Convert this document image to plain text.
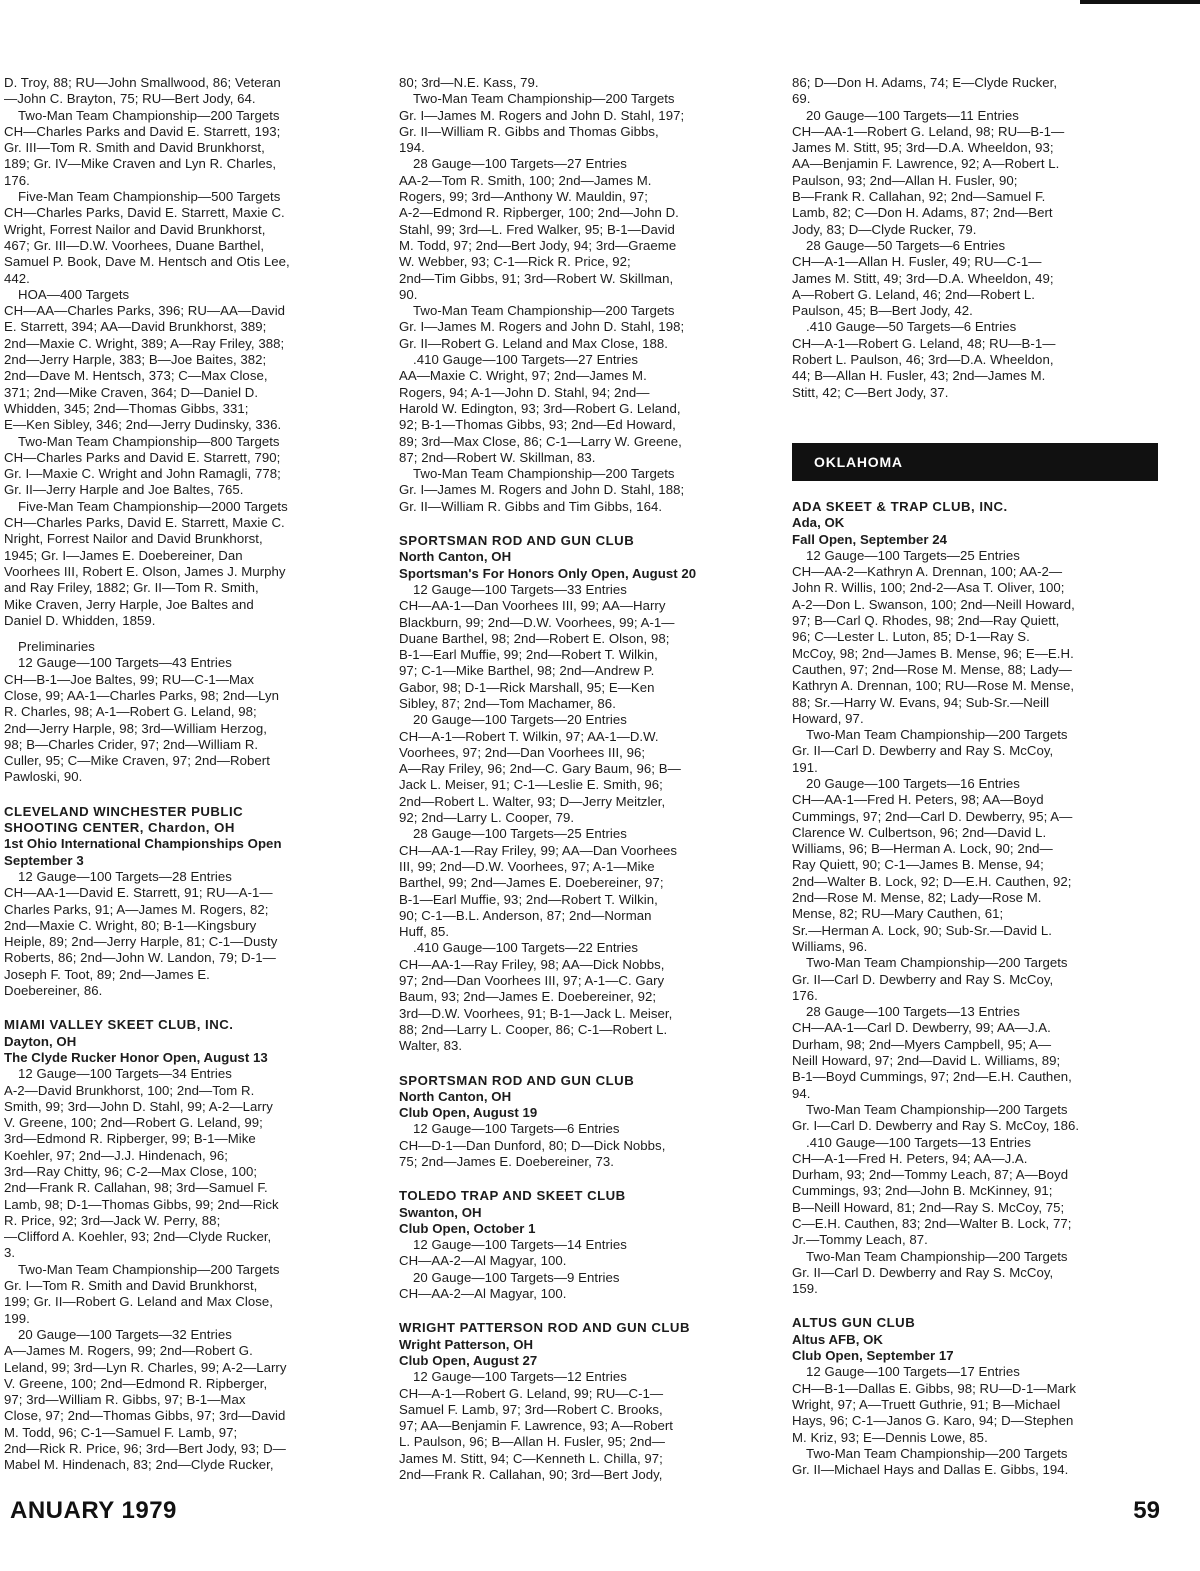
D. Troy, 88; RU—John Smallwood, 86; Veteran
—John C. Brayton, 75; RU—Bert Jody, 64.
Two-Man Team Championship—200 Targets
CH—Charles Parks and David E. Starrett, 193;
Gr. III—Tom R. Smith and David Brunkhorst,
189; Gr. IV—Mike Craven and Lyn R. Charles,
176.
Five-Man Team Championship—500 Targets
CH—Charles Parks, David E. Starrett, Maxie C.
Wright, Forrest Nailor and David Brunkhorst,
467; Gr. III—D.W. Voorhees, Duane Barthel,
Samuel P. Book, Dave M. Hentsch and Otis Lee,
442.
HOA—400 Targets
CH—AA—Charles Parks, 396; RU—AA—David
E. Starrett, 394; AA—David Brunkhorst, 389;
2nd—Maxie C. Wright, 389; A—Ray Friley, 388;
2nd—Jerry Harple, 383; B—Joe Baites, 382;
2nd—Dave M. Hentsch, 373; C—Max Close,
371; 2nd—Mike Craven, 364; D—Daniel D.
Whidden, 345; 2nd—Thomas Gibbs, 331;
E—Ken Sibley, 346; 2nd—Jerry Dudinsky, 336.
Two-Man Team Championship—800 Targets
CH—Charles Parks and David E. Starrett, 790;
Gr. I—Maxie C. Wright and John Ramagli, 778;
Gr. II—Jerry Harple and Joe Baltes, 765.
Five-Man Team Championship—2000 Targets
CH—Charles Parks, David E. Starrett, Maxie C.
Nright, Forrest Nailor and David Brunkhorst,
1945; Gr. I—James E. Doebereiner, Dan
Voorhees III, Robert E. Olson, James J. Murphy
and Ray Friley, 1882; Gr. II—Tom R. Smith,
Mike Craven, Jerry Harple, Joe Baltes and
Daniel D. Whidden, 1859.
Preliminaries
12 Gauge—100 Targets—43 Entries
CH—B-1—Joe Baltes, 99; RU—C-1—Max
Close, 99; AA-1—Charles Parks, 98; 2nd—Lyn
R. Charles, 98; A-1—Robert G. Leland, 98;
2nd—Jerry Harple, 98; 3rd—William Herzog,
98; B—Charles Crider, 97; 2nd—William R.
Culler, 95; C—Mike Craven, 97; 2nd—Robert
Pawloski, 90.
CLEVELAND WINCHESTER PUBLIC
SHOOTING CENTER, Chardon, OH
1st Ohio International Championships Open
September 3
12 Gauge—100 Targets—28 Entries
CH—AA-1—David E. Starrett, 91; RU—A-1—
Charles Parks, 91; A—James M. Rogers, 82;
2nd—Maxie C. Wright, 80; B-1—Kingsbury
Heiple, 89; 2nd—Jerry Harple, 81; C-1—Dusty
Roberts, 86; 2nd—John W. Landon, 79; D-1—
Joseph F. Toot, 89; 2nd—James E.
Doebereiner, 86.
MIAMI VALLEY SKEET CLUB, INC.
Dayton, OH
The Clyde Rucker Honor Open, August 13
12 Gauge—100 Targets—34 Entries
A-2—David Brunkhorst, 100; 2nd—Tom R.
Smith, 99; 3rd—John D. Stahl, 99; A-2—Larry
V. Greene, 100; 2nd—Robert G. Leland, 99;
3rd—Edmond R. Ripberger, 99; B-1—Mike
Koehler, 97; 2nd—J.J. Hindenach, 96;
3rd—Ray Chitty, 96; C-2—Max Close, 100;
2nd—Frank R. Callahan, 98; 3rd—Samuel F.
Lamb, 98; D-1—Thomas Gibbs, 99; 2nd—Rick
R. Price, 92; 3rd—Jack W. Perry, 88;
—Clifford A. Koehler, 93; 2nd—Clyde Rucker,
3.
Two-Man Team Championship—200 Targets
Gr. I—Tom R. Smith and David Brunkhorst,
199; Gr. II—Robert G. Leland and Max Close,
199.
20 Gauge—100 Targets—32 Entries
A—James M. Rogers, 99; 2nd—Robert G.
Leland, 99; 3rd—Lyn R. Charles, 99; A-2—Larry
V. Greene, 100; 2nd—Edmond R. Ripberger,
97; 3rd—William R. Gibbs, 97; B-1—Max
Close, 97; 2nd—Thomas Gibbs, 97; 3rd—David
M. Todd, 96; C-1—Samuel F. Lamb, 97;
2nd—Rick R. Price, 96; 3rd—Bert Jody, 93; D—
Mabel M. Hindenach, 83; 2nd—Clyde Rucker,
80; 3rd—N.E. Kass, 79.
Two-Man Team Championship—200 Targets
Gr. I—James M. Rogers and John D. Stahl, 197;
Gr. II—William R. Gibbs and Thomas Gibbs,
194.
28 Gauge—100 Targets—27 Entries
AA-2—Tom R. Smith, 100; 2nd—James M.
Rogers, 99; 3rd—Anthony W. Mauldin, 97;
A-2—Edmond R. Ripberger, 100; 2nd—John D.
Stahl, 99; 3rd—L. Fred Walker, 95; B-1—David
M. Todd, 97; 2nd—Bert Jody, 94; 3rd—Graeme
W. Webber, 93; C-1—Rick R. Price, 92;
2nd—Tim Gibbs, 91; 3rd—Robert W. Skillman,
90.
Two-Man Team Championship—200 Targets
Gr. I—James M. Rogers and John D. Stahl, 198;
Gr. II—Robert G. Leland and Max Close, 188.
.410 Gauge—100 Targets—27 Entries
AA—Maxie C. Wright, 97; 2nd—James M.
Rogers, 94; A-1—John D. Stahl, 94; 2nd—
Harold W. Edington, 93; 3rd—Robert G. Leland,
92; B-1—Thomas Gibbs, 93; 2nd—Ed Howard,
89; 3rd—Max Close, 86; C-1—Larry W. Greene,
87; 2nd—Robert W. Skillman, 83.
Two-Man Team Championship—200 Targets
Gr. I—James M. Rogers and John D. Stahl, 188;
Gr. II—William R. Gibbs and Tim Gibbs, 164.
SPORTSMAN ROD AND GUN CLUB
North Canton, OH
Sportsman's For Honors Only Open, August 20
12 Gauge—100 Targets—33 Entries
CH—AA-1—Dan Voorhees III, 99; AA—Harry
Blackburn, 99; 2nd—D.W. Voorhees, 99; A-1—
Duane Barthel, 98; 2nd—Robert E. Olson, 98;
B-1—Earl Muffie, 99; 2nd—Robert T. Wilkin,
97; C-1—Mike Barthel, 98; 2nd—Andrew P.
Gabor, 98; D-1—Rick Marshall, 95; E—Ken
Sibley, 87; 2nd—Tom Machamer, 86.
20 Gauge—100 Targets—20 Entries
CH—A-1—Robert T. Wilkin, 97; AA-1—D.W.
Voorhees, 97; 2nd—Dan Voorhees III, 96;
A—Ray Friley, 96; 2nd—C. Gary Baum, 96; B—
Jack L. Meiser, 91; C-1—Leslie E. Smith, 96;
2nd—Robert L. Walter, 93; D—Jerry Meitzler,
92; 2nd—Larry L. Cooper, 79.
28 Gauge—100 Targets—25 Entries
CH—AA-1—Ray Friley, 99; AA—Dan Voorhees
III, 99; 2nd—D.W. Voorhees, 97; A-1—Mike
Barthel, 99; 2nd—James E. Doebereiner, 97;
B-1—Earl Muffie, 93; 2nd—Robert T. Wilkin,
90; C-1—B.L. Anderson, 87; 2nd—Norman
Huff, 85.
.410 Gauge—100 Targets—22 Entries
CH—AA-1—Ray Friley, 98; AA—Dick Nobbs,
97; 2nd—Dan Voorhees III, 97; A-1—C. Gary
Baum, 93; 2nd—James E. Doebereiner, 92;
3rd—D.W. Voorhees, 91; B-1—Jack L. Meiser,
88; 2nd—Larry L. Cooper, 86; C-1—Robert L.
Walter, 83.
SPORTSMAN ROD AND GUN CLUB
North Canton, OH
Club Open, August 19
12 Gauge—100 Targets—6 Entries
CH—D-1—Dan Dunford, 80; D—Dick Nobbs,
75; 2nd—James E. Doebereiner, 73.
TOLEDO TRAP AND SKEET CLUB
Swanton, OH
Club Open, October 1
12 Gauge—100 Targets—14 Entries
CH—AA-2—Al Magyar, 100.
20 Gauge—100 Targets—9 Entries
CH—AA-2—Al Magyar, 100.
WRIGHT PATTERSON ROD AND GUN CLUB
Wright Patterson, OH
Club Open, August 27
12 Gauge—100 Targets—12 Entries
CH—A-1—Robert G. Leland, 99; RU—C-1—
Samuel F. Lamb, 97; 3rd—Robert C. Brooks,
97; AA—Benjamin F. Lawrence, 93; A—Robert
L. Paulson, 96; B—Allan H. Fusler, 95; 2nd—
James M. Stitt, 94; C—Kenneth L. Chilla, 97;
2nd—Frank R. Callahan, 90; 3rd—Bert Jody,
86; D—Don H. Adams, 74; E—Clyde Rucker,
69.
20 Gauge—100 Targets—11 Entries
CH—AA-1—Robert G. Leland, 98; RU—B-1—
James M. Stitt, 95; 3rd—D.A. Wheeldon, 93;
AA—Benjamin F. Lawrence, 92; A—Robert L.
Paulson, 93; 2nd—Allan H. Fusler, 90;
B—Frank R. Callahan, 92; 2nd—Samuel F.
Lamb, 82; C—Don H. Adams, 87; 2nd—Bert
Jody, 83; D—Clyde Rucker, 79.
28 Gauge—50 Targets—6 Entries
CH—A-1—Allan H. Fusler, 49; RU—C-1—
James M. Stitt, 49; 3rd—D.A. Wheeldon, 49;
A—Robert G. Leland, 46; 2nd—Robert L.
Paulson, 45; B—Bert Jody, 42.
.410 Gauge—50 Targets—6 Entries
CH—A-1—Robert G. Leland, 48; RU—B-1—
Robert L. Paulson, 46; 3rd—D.A. Wheeldon,
44; B—Allan H. Fusler, 43; 2nd—James M.
Stitt, 42; C—Bert Jody, 37.
OKLAHOMA
ADA SKEET & TRAP CLUB, INC.
Ada, OK
Fall Open, September 24
12 Gauge—100 Targets—25 Entries
CH—AA-2—Kathryn A. Drennan, 100; AA-2—
John R. Willis, 100; 2nd-2—Asa T. Oliver, 100;
A-2—Don L. Swanson, 100; 2nd—Neill Howard,
97; B—Carl Q. Rhodes, 98; 2nd—Ray Quiett,
96; C—Lester L. Luton, 85; D-1—Ray S.
McCoy, 98; 2nd—James B. Mense, 96; E—E.H.
Cauthen, 97; 2nd—Rose M. Mense, 88; Lady—
Kathryn A. Drennan, 100; RU—Rose M. Mense,
88; Sr.—Harry W. Evans, 94; Sub-Sr.—Neill
Howard, 97.
Two-Man Team Championship—200 Targets
Gr. II—Carl D. Dewberry and Ray S. McCoy,
191.
20 Gauge—100 Targets—16 Entries
CH—AA-1—Fred H. Peters, 98; AA—Boyd
Cummings, 97; 2nd—Carl D. Dewberry, 95; A—
Clarence W. Culbertson, 96; 2nd—David L.
Williams, 96; B—Herman A. Lock, 90; 2nd—
Ray Quiett, 90; C-1—James B. Mense, 94;
2nd—Walter B. Lock, 92; D—E.H. Cauthen, 92;
2nd—Rose M. Mense, 82; Lady—Rose M.
Mense, 82; RU—Mary Cauthen, 61;
Sr.—Herman A. Lock, 90; Sub-Sr.—David L.
Williams, 96.
Two-Man Team Championship—200 Targets
Gr. II—Carl D. Dewberry and Ray S. McCoy,
176.
28 Gauge—100 Targets—13 Entries
CH—AA-1—Carl D. Dewberry, 99; AA—J.A.
Durham, 98; 2nd—Myers Campbell, 95; A—
Neill Howard, 97; 2nd—David L. Williams, 89;
B-1—Boyd Cummings, 97; 2nd—E.H. Cauthen,
94.
Two-Man Team Championship—200 Targets
Gr. I—Carl D. Dewberry and Ray S. McCoy, 186.
.410 Gauge—100 Targets—13 Entries
CH—A-1—Fred H. Peters, 94; AA—J.A.
Durham, 93; 2nd—Tommy Leach, 87; A—Boyd
Cummings, 93; 2nd—John B. McKinney, 91;
B—Neill Howard, 81; 2nd—Ray S. McCoy, 75;
C—E.H. Cauthen, 83; 2nd—Walter B. Lock, 77;
Jr.—Tommy Leach, 87.
Two-Man Team Championship—200 Targets
Gr. II—Carl D. Dewberry and Ray S. McCoy,
159.
ALTUS GUN CLUB
Altus AFB, OK
Club Open, September 17
12 Gauge—100 Targets—17 Entries
CH—B-1—Dallas E. Gibbs, 98; RU—D-1—Mark
Wright, 97; A—Truett Guthrie, 91; B—Michael
Hays, 96; C-1—Janos G. Karo, 94; D—Stephen
M. Kriz, 93; E—Dennis Lowe, 85.
Two-Man Team Championship—200 Targets
Gr. II—Michael Hays and Dallas E. Gibbs, 194.
ANUARY 1979	59
